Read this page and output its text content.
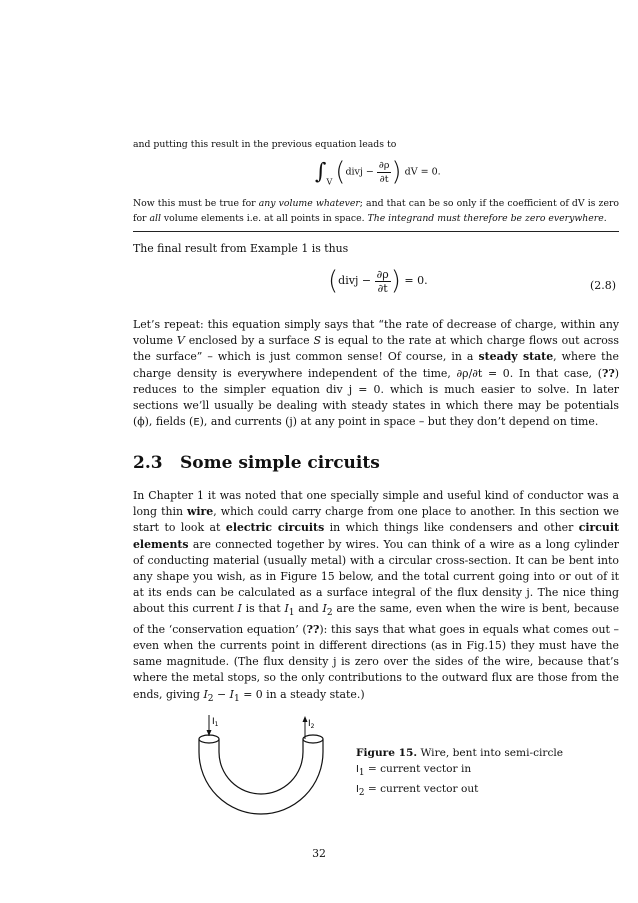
and putting this result in the previous equation leads to
$\int_V$ (divj − $\frac{\partial\rho}{\partial t}$ ) dV = 0.
Now this must be true for any volume whatever; and that can be so only if the coefficient of dV is zero for all volume elements i.e. at all points in space. The integrand must therefore be zero everywhere.
The final result from Example 1 is thus
(divj − $\frac{\partial\rho}{\partial t}$ ) = 0.	(2.8)
Let’s repeat: this equation simply says that “the rate of decrease of charge, within any volume V enclosed by a surface S is equal to the rate at which charge flows out across the surface” – which is just common sense! Of course, in a steady state, where the charge density is everywhere independent of the time, ∂ρ/∂t = 0. In that case, (??) reduces to the simpler equation div j = 0. which is much easier to solve. In later sections we’ll usually be dealing with steady states in which there may be potentials (ϕ), fields (E), and currents (j) at any point in space – but they don’t depend on time.
2.3 Some simple circuits
In Chapter 1 it was noted that one specially simple and useful kind of conductor was a long thin wire, which could carry charge from one place to another. In this section we start to look at electric circuits in which things like condensers and other circuit elements are connected together by wires. You can think of a wire as a long cylinder of conducting material (usually metal) with a circular cross-section. It can be bent into any shape you wish, as in Figure 15 below, and the total current going into or out of it at its ends can be calculated as a surface integral of the flux density j. The nice thing about this current I is that $I_1$ and $I_2$ are the same, even when the wire is bent, because of the ‘conservation equation’ (??): this says that what goes in equals what comes out – even when the currents point in different directions (as in Fig.15) they must have the same magnitude. (The flux density j is zero over the sides of the wire, because that’s where the metal stops, so the only contributions to the outward flux are those from the ends, giving $I_2 - I_1 = 0$ in a steady state.)
$I_1$	$I_2$
Figure 15. Wire, bent into semi-circle
$I_1$ = current vector in
$I_2$ = current vector out
32
